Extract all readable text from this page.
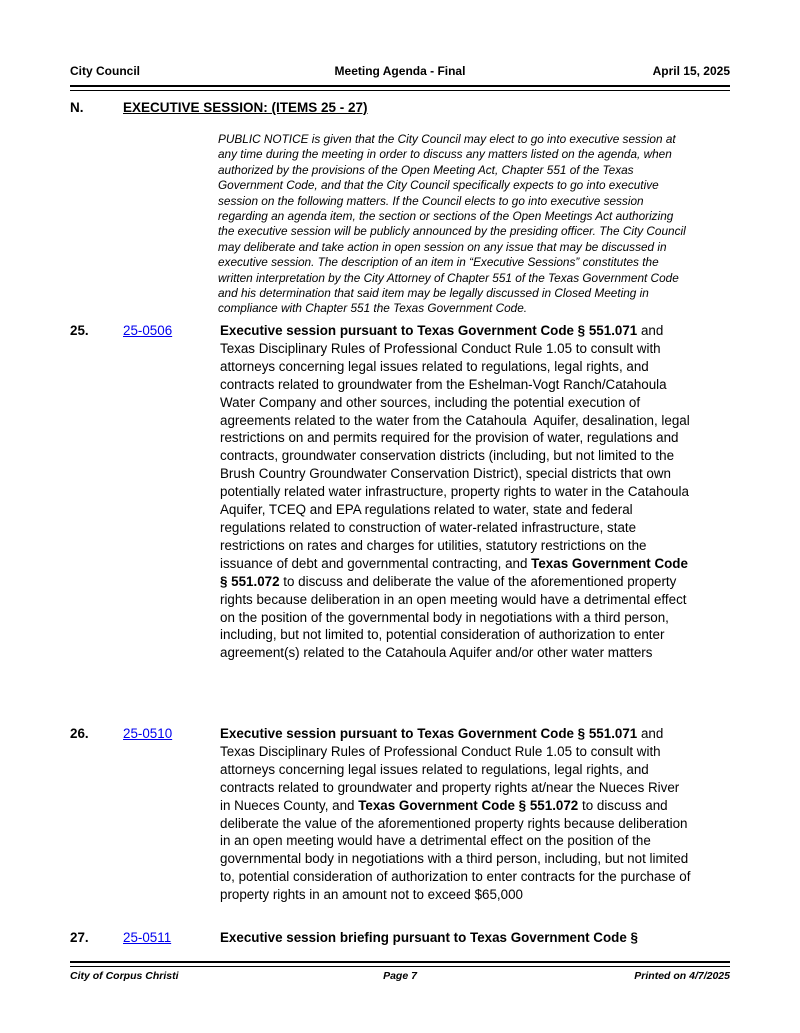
City Council	Meeting Agenda - Final	April 15, 2025
N.	EXECUTIVE SESSION: (ITEMS 25 - 27)
PUBLIC NOTICE is given that the City Council may elect to go into executive session at any time during the meeting in order to discuss any matters listed on the agenda, when authorized by the provisions of the Open Meeting Act, Chapter 551 of the Texas Government Code, and that the City Council specifically expects to go into executive session on the following matters. If the Council elects to go into executive session regarding an agenda item, the section or sections of the Open Meetings Act authorizing the executive session will be publicly announced by the presiding officer. The City Council may deliberate and take action in open session on any issue that may be discussed in executive session. The description of an item in “Executive Sessions” constitutes the written interpretation by the City Attorney of Chapter 551 of the Texas Government Code and his determination that said item may be legally discussed in Closed Meeting in compliance with Chapter 551 the Texas Government Code.
25.	25-0506	Executive session pursuant to Texas Government Code § 551.071 and Texas Disciplinary Rules of Professional Conduct Rule 1.05 to consult with attorneys concerning legal issues related to regulations, legal rights, and contracts related to groundwater from the Eshelman-Vogt Ranch/Catahoula Water Company and other sources, including the potential execution of agreements related to the water from the Catahoula  Aquifer, desalination, legal restrictions on and permits required for the provision of water, regulations and contracts, groundwater conservation districts (including, but not limited to the Brush Country Groundwater Conservation District), special districts that own potentially related water infrastructure, property rights to water in the Catahoula Aquifer, TCEQ and EPA regulations related to water, state and federal regulations related to construction of water-related infrastructure, state restrictions on rates and charges for utilities, statutory restrictions on the issuance of debt and governmental contracting, and Texas Government Code § 551.072 to discuss and deliberate the value of the aforementioned property rights because deliberation in an open meeting would have a detrimental effect on the position of the governmental body in negotiations with a third person, including, but not limited to, potential consideration of authorization to enter agreement(s) related to the Catahoula Aquifer and/or other water matters
26.	25-0510	Executive session pursuant to Texas Government Code § 551.071 and Texas Disciplinary Rules of Professional Conduct Rule 1.05 to consult with attorneys concerning legal issues related to regulations, legal rights, and contracts related to groundwater and property rights at/near the Nueces River in Nueces County, and Texas Government Code § 551.072 to discuss and deliberate the value of the aforementioned property rights because deliberation in an open meeting would have a detrimental effect on the position of the governmental body in negotiations with a third person, including, but not limited to, potential consideration of authorization to enter contracts for the purchase of property rights in an amount not to exceed $65,000
27.	25-0511	Executive session briefing pursuant to Texas Government Code §
City of Corpus Christi	Page 7	Printed on 4/7/2025
